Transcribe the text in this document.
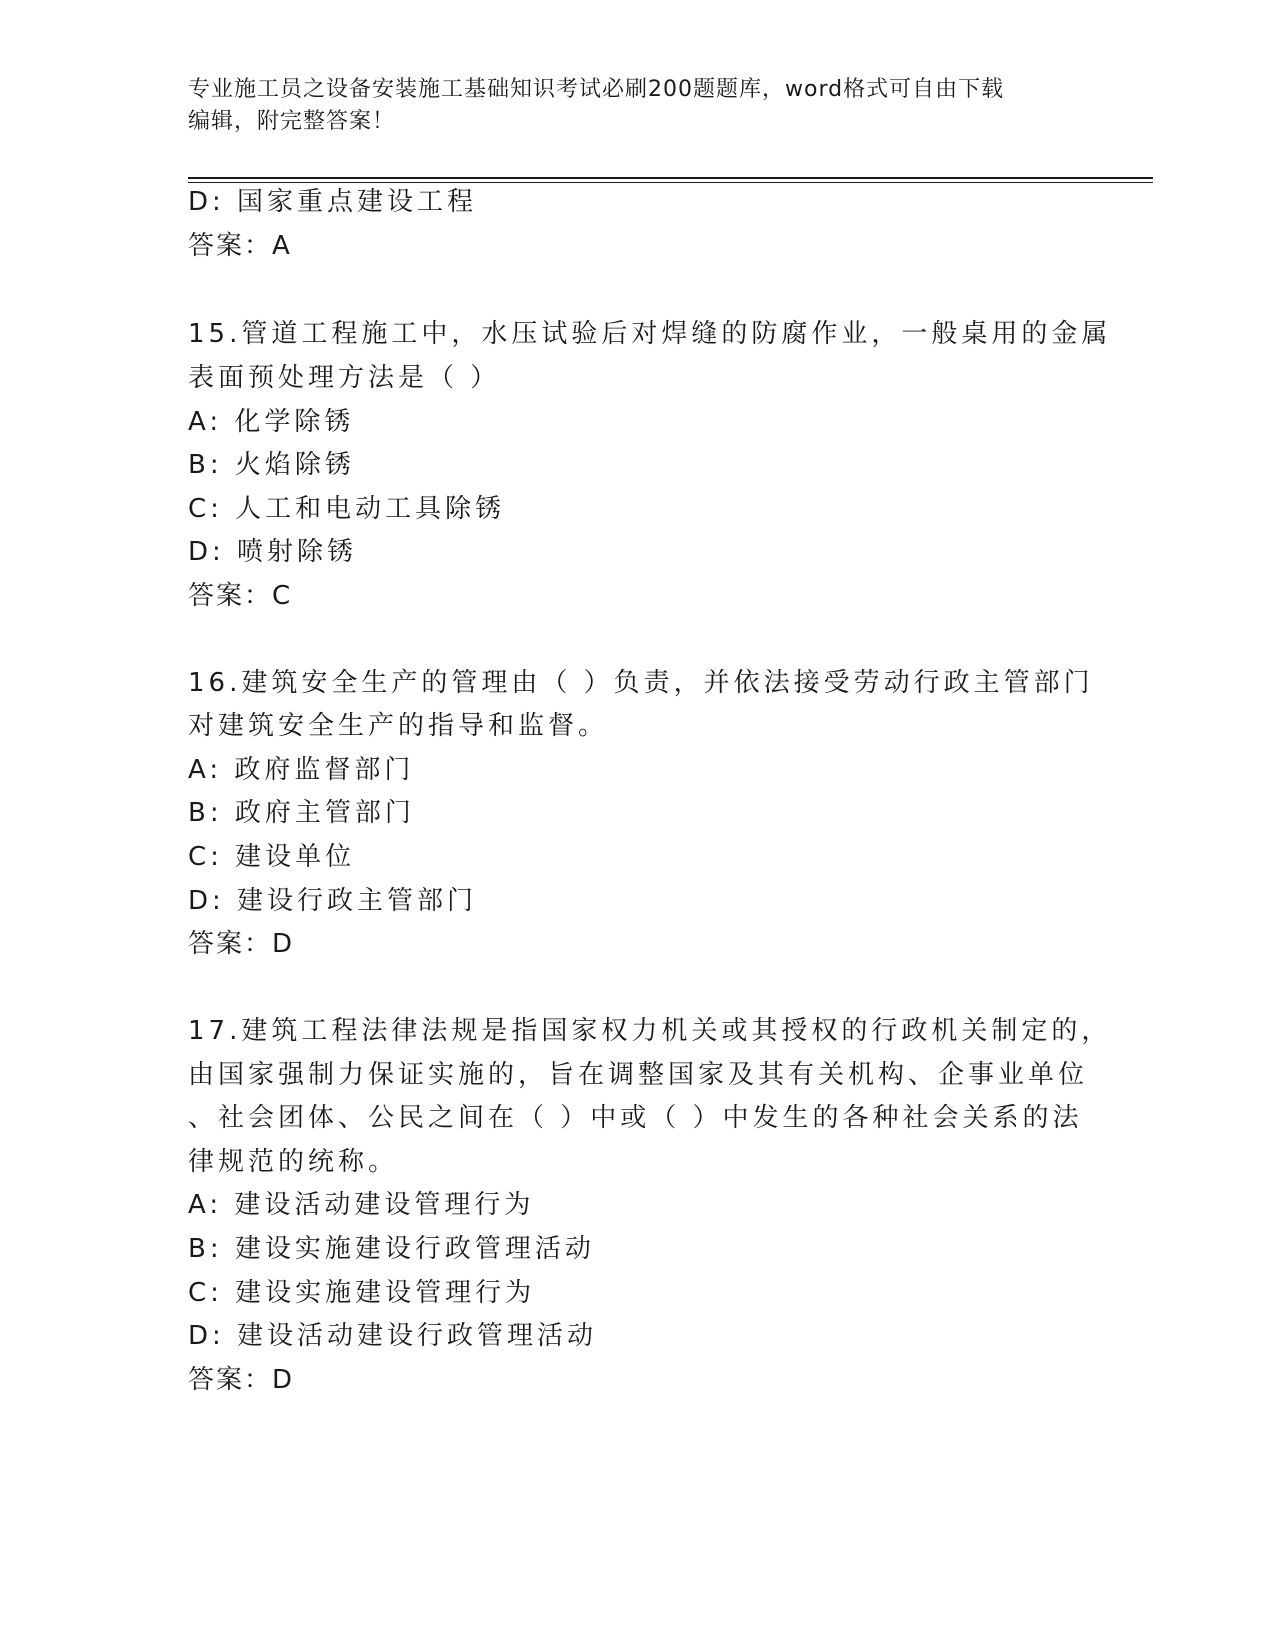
专业施工员之设备安装施工基础知识考试必刷200题题库，word格式可自由下载
编辑，附完整答案！
D: 国家重点建设工程
答案：A
15.管道工程施工中，水压试验后对焊缝的防腐作业，一般桌用的金属
表面预处理方法是（ ）
A: 化学除锈
B: 火焰除锈
C: 人工和电动工具除锈
D: 喷射除锈
答案：C
16.建筑安全生产的管理由（ ）负责，并依法接受劳动行政主管部门
对建筑安全生产的指导和监督。
A: 政府监督部门
B: 政府主管部门
C: 建设单位
D: 建设行政主管部门
答案：D
17.建筑工程法律法规是指国家权力机关或其授权的行政机关制定的，
由国家强制力保证实施的，旨在调整国家及其有关机构、企事业单位
、社会团体、公民之间在（ ）中或（ ）中发生的各种社会关系的法
律规范的统称。
A: 建设活动建设管理行为
B: 建设实施建设行政管理活动
C: 建设实施建设管理行为
D: 建设活动建设行政管理活动
答案：D
